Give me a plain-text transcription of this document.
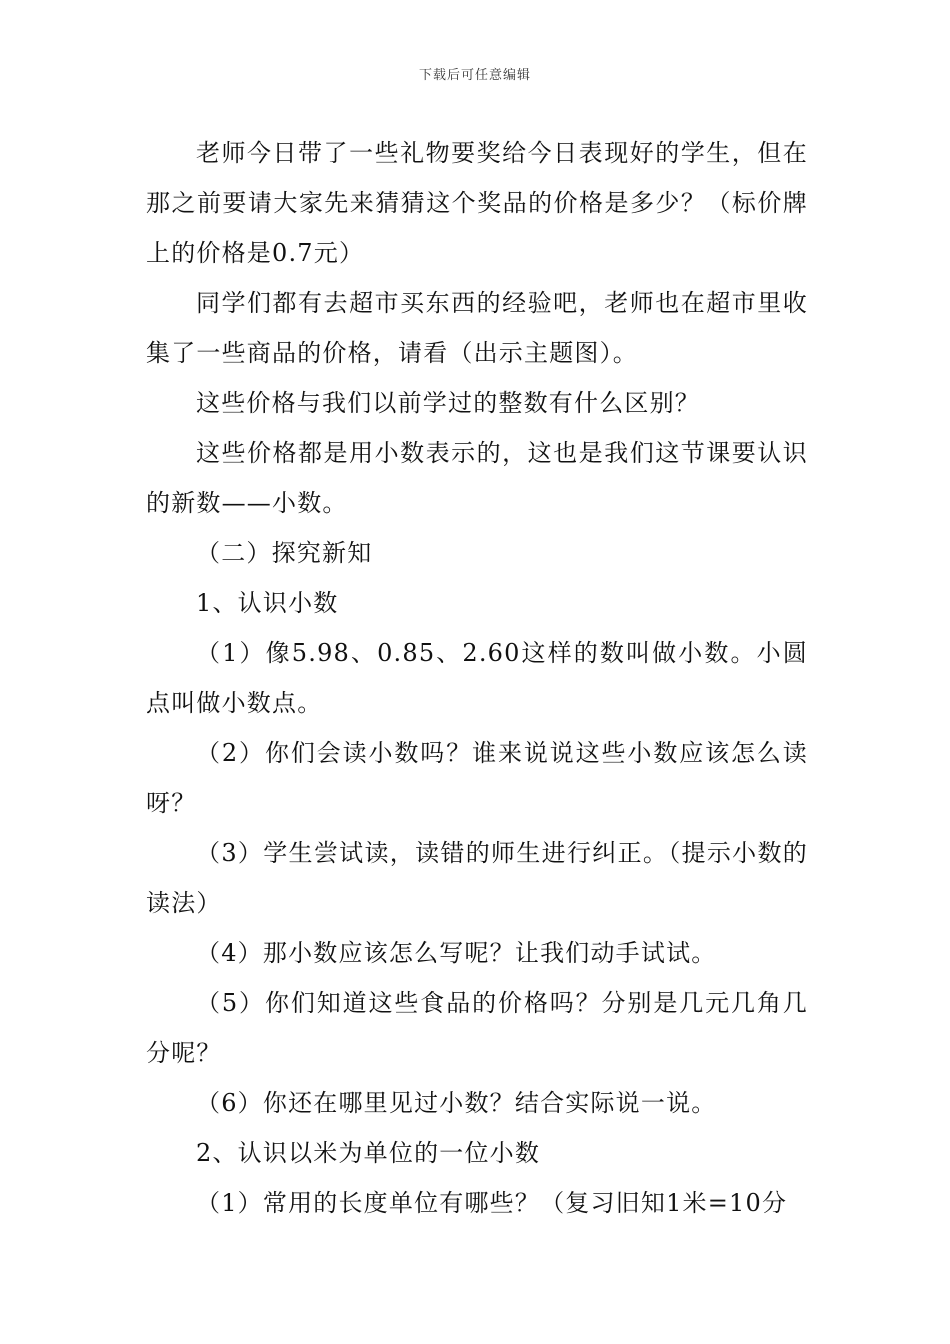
下载后可任意编辑

老师今日带了一些礼物要奖给今日表现好的学生，但在那之前要请大家先来猜猜这个奖品的价格是多少？（标价牌上的价格是0.7元）

同学们都有去超市买东西的经验吧，老师也在超市里收集了一些商品的价格，请看（出示主题图）。

这些价格与我们以前学过的整数有什么区别？

这些价格都是用小数表示的，这也是我们这节课要认识的新数——小数。

（二）探究新知

1、认识小数

（1）像5.98、0.85、2.60这样的数叫做小数。小圆点叫做小数点。

（2）你们会读小数吗？谁来说说这些小数应该怎么读呀？

（3）学生尝试读，读错的师生进行纠正。（提示小数的读法）

（4）那小数应该怎么写呢？让我们动手试试。

（5）你们知道这些食品的价格吗？分别是几元几角几分呢？

（6）你还在哪里见过小数？结合实际说一说。

2、认识以米为单位的一位小数

（1）常用的长度单位有哪些？（复习旧知1米=10分
